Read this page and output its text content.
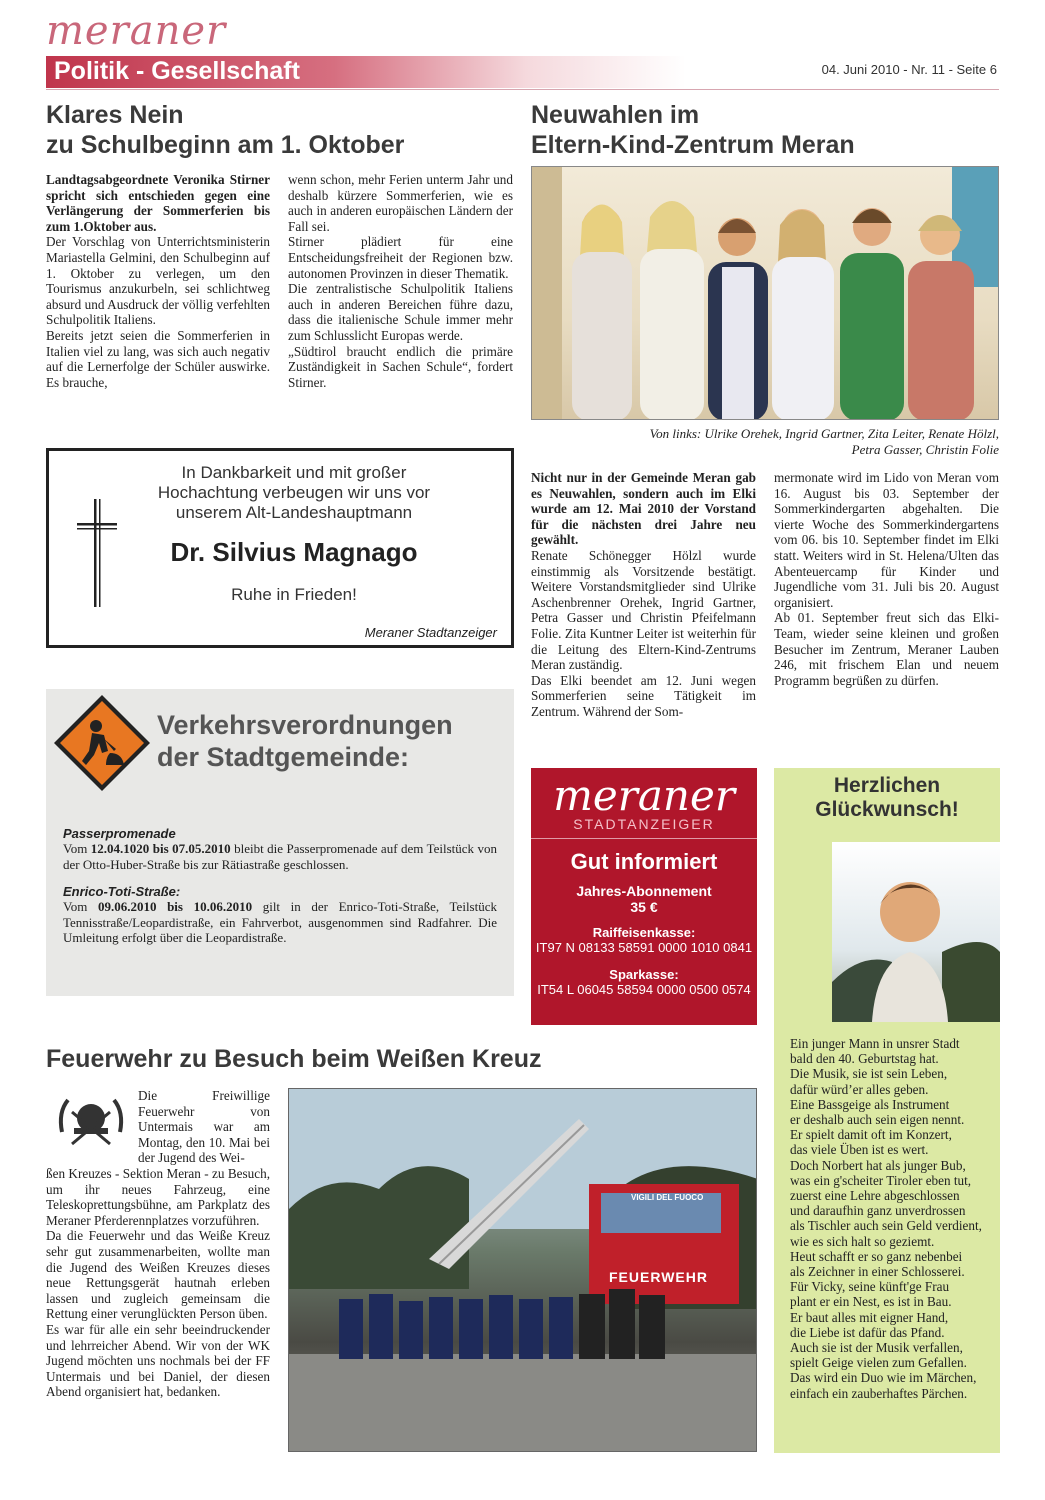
meraner
Politik - Gesellschaft	04. Juni 2010 - Nr. 11 - Seite 6
Klares Nein
zu Schulbeginn am 1. Oktober
Landtagsabgeordnete Veronika Stirner spricht sich entschieden gegen eine Verlängerung der Sommerferien bis zum 1.Oktober aus.
Der Vorschlag von Unterrichtsministerin Mariastella Gelmini, den Schulbeginn auf 1. Oktober zu verlegen, um den Tourismus anzukurbeln, sei schlichtweg absurd und Ausdruck der völlig verfehlten Schulpolitik Italiens.
Bereits jetzt seien die Sommerferien in Italien viel zu lang, was sich auch negativ auf die Lernerfolge der Schüler auswirke. Es brauche,
wenn schon, mehr Ferien unterm Jahr und deshalb kürzere Sommerferien, wie es auch in anderen europäischen Ländern der Fall sei.
Stirner plädiert für eine Entscheidungsfreiheit der Regionen bzw. autonomen Provinzen in dieser Thematik.
Die zentralistische Schulpolitik Italiens auch in anderen Bereichen führe dazu, dass die italienische Schule immer mehr zum Schlusslicht Europas werde.
„Südtirol braucht endlich die primäre Zuständigkeit in Sachen Schule“, fordert Stirner.
In Dankbarkeit und mit großer
Hochachtung verbeugen wir uns vor
unserem Alt-Landeshauptmann
Dr. Silvius Magnago
Ruhe in Frieden!
Meraner Stadtanzeiger
Verkehrsverordnungen
der Stadtgemeinde:
Passerpromenade
Vom 12.04.1020 bis 07.05.2010 bleibt die Passerpromenade auf dem Teilstück von der Otto-Huber-Straße bis zur Rätiastraße geschlossen.
Enrico-Toti-Straße:
Vom 09.06.2010 bis 10.06.2010 gilt in der Enrico-Toti-Straße, Teilstück Tennisstraße/Leopardistraße, ein Fahrverbot, ausgenommen sind Radfahrer. Die Umleitung erfolgt über die Leopardistraße.
Neuwahlen im
Eltern-Kind-Zentrum Meran
Von links: Ulrike Orehek, Ingrid Gartner, Zita Leiter, Renate Hölzl,
Petra Gasser, Christin Folie
Nicht nur in der Gemeinde Meran gab es Neuwahlen, sondern auch im Elki wurde am 12. Mai 2010 der Vorstand für die nächsten drei Jahre neu gewählt.
Renate Schönegger Hölzl wurde einstimmig als Vorsitzende bestätigt. Weitere Vorstandsmitglieder sind Ulrike Aschenbrenner Orehek, Ingrid Gartner, Petra Gasser und Christin Pfeifelmann Folie. Zita Kuntner Leiter ist weiterhin für die Leitung des Eltern-Kind-Zentrums Meran zuständig.
Das Elki beendet am 12. Juni wegen Sommerferien seine Tätigkeit im Zentrum. Während der Som-
mermonate wird im Lido von Meran vom 16. August bis 03. September der Sommerkindergarten abgehalten. Die vierte Woche des Sommerkindergartens vom 06. bis 10. September findet im Elki statt. Weiters wird in St. Helena/Ulten das Abenteuercamp für Kinder und Jugendliche vom 31. Juli bis 20. August organisiert.
Ab 01. September freut sich das Elki-Team, wieder seine kleinen und großen Besucher im Zentrum, Meraner Lauben 246, mit frischem Elan und neuem Programm begrüßen zu dürfen.
meraner
STADTANZEIGER
Gut informiert
Jahres-Abonnement
35 €
Raiffeisenkasse:
IT97 N 08133 58591 0000 1010 0841
Sparkasse:
IT54 L 06045 58594 0000 0500 0574
Herzlichen
Glückwunsch!
Ein junger Mann in unsrer Stadt
bald den 40. Geburtstag hat.
Die Musik, sie ist sein Leben,
dafür würd’er alles geben.
Eine Bassgeige als Instrument
er deshalb auch sein eigen nennt.
Er spielt damit oft im Konzert,
das viele Üben ist es wert.
Doch Norbert hat als junger Bub,
was ein g'scheiter Tiroler eben tut,
zuerst eine Lehre abgeschlossen
und daraufhin ganz unverdrossen
als Tischler auch sein Geld verdient,
wie es sich halt so geziemt.
Heut schafft er so ganz nebenbei
als Zeichner in einer Schlosserei.
Für Vicky, seine künft'ge Frau
plant er ein Nest, es ist in Bau.
Er baut alles mit eigner Hand,
die Liebe ist dafür das Pfand.
Auch sie ist der Musik verfallen,
spielt Geige vielen zum Gefallen.
Das wird ein Duo wie im Märchen,
einfach ein zauberhaftes Pärchen.
Feuerwehr zu Besuch beim Weißen Kreuz
Die Freiwillige Feuerwehr von Untermais war am Montag, den 10. Mai bei der Jugend des Wei-
ßen Kreuzes - Sektion Meran - zu Besuch, um ihr neues Fahrzeug, eine Teleskoprettungsbühne, am Parkplatz des Meraner Pferderennplatzes vorzuführen.
Da die Feuerwehr und das Weiße Kreuz sehr gut zusammenarbeiten, wollte man die Jugend des Weißen Kreuzes dieses neue Rettungsgerät hautnah erleben lassen und zugleich gemeinsam die Rettung einer verunglückten Person üben.
Es war für alle ein sehr beeindruckender und lehrreicher Abend. Wir von der WK Jugend möchten uns nochmals bei der FF Untermais und bei Daniel, der diesen Abend organisiert hat, bedanken.
VIGILI DEL FUOCO
FEUERWEHR
